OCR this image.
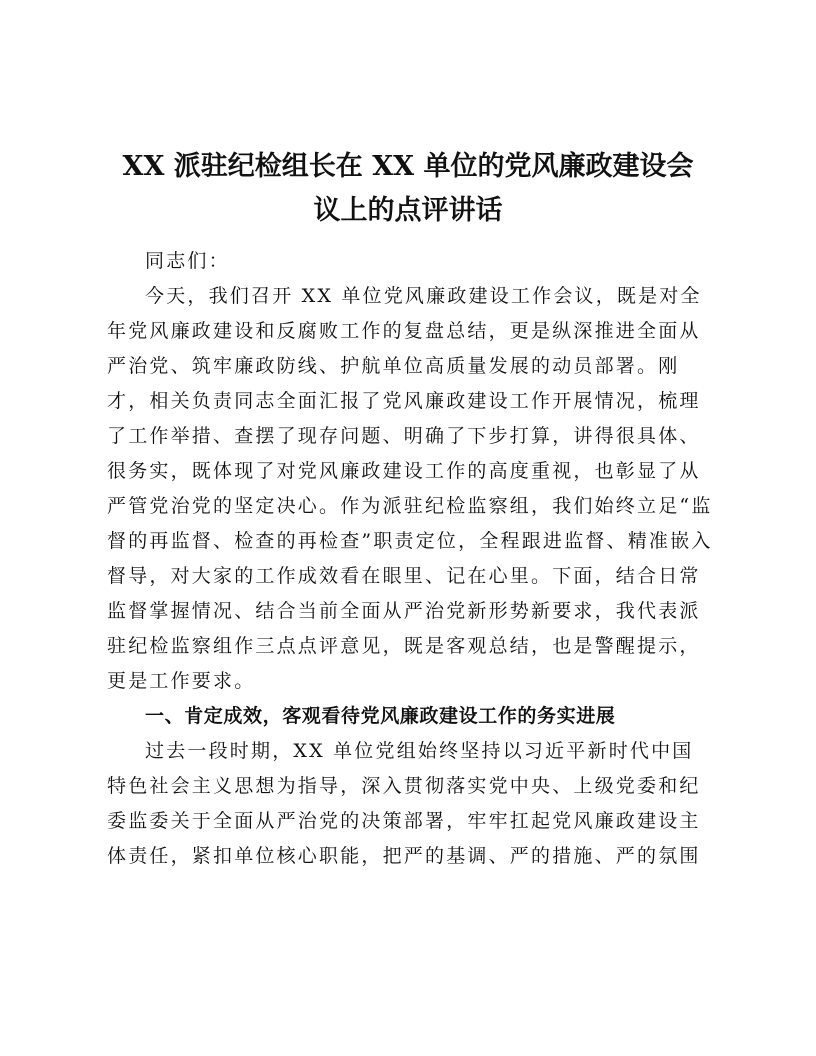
XX 派驻纪检组长在 XX 单位的党风廉政建设会
议上的点评讲话
同志们：
今天，我们召开 XX 单位党风廉政建设工作会议，既是对全
年党风廉政建设和反腐败工作的复盘总结，更是纵深推进全面从
严治党、筑牢廉政防线、护航单位高质量发展的动员部署。刚
才，相关负责同志全面汇报了党风廉政建设工作开展情况，梳理
了工作举措、查摆了现存问题、明确了下步打算，讲得很具体、
很务实，既体现了对党风廉政建设工作的高度重视，也彰显了从
严管党治党的坚定决心。作为派驻纪检监察组，我们始终立足“监
督的再监督、检查的再检查”职责定位，全程跟进监督、精准嵌入
督导，对大家的工作成效看在眼里、记在心里。下面，结合日常
监督掌握情况、结合当前全面从严治党新形势新要求，我代表派
驻纪检监察组作三点点评意见，既是客观总结，也是警醒提示，
更是工作要求。
一、肯定成效，客观看待党风廉政建设工作的务实进展
过去一段时期，XX 单位党组始终坚持以习近平新时代中国
特色社会主义思想为指导，深入贯彻落实党中央、上级党委和纪
委监委关于全面从严治党的决策部署，牢牢扛起党风廉政建设主
体责任，紧扣单位核心职能，把严的基调、严的措施、严的氛围
